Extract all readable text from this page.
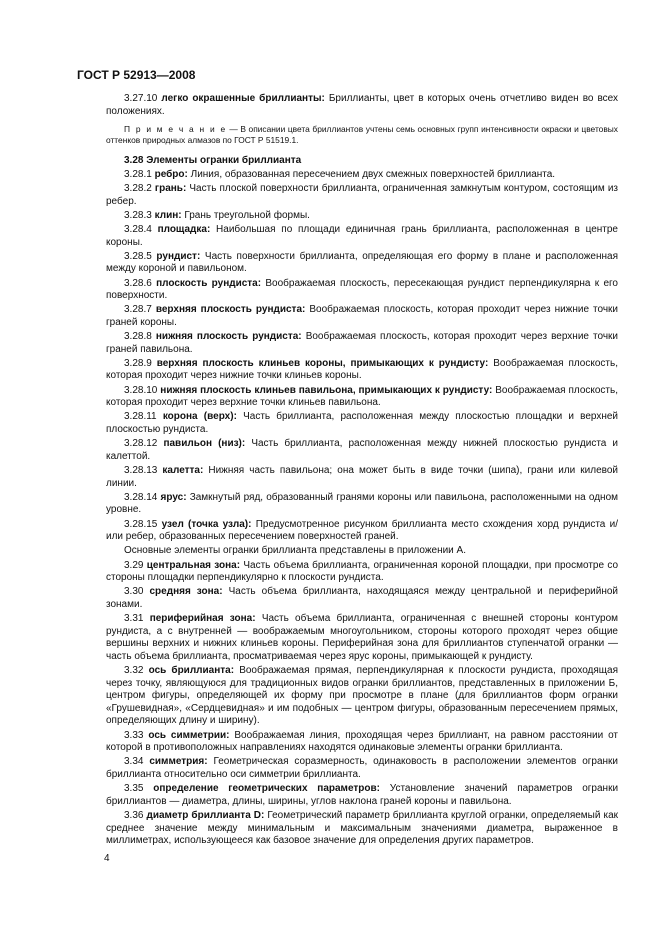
ГОСТ Р 52913—2008

3.27.10 легко окрашенные бриллианты: Бриллианты, цвет в которых очень отчетливо виден во всех положениях.

П р и м е ч а н и е — В описании цвета бриллиантов учтены семь основных групп интенсивности окраски и цветовых оттенков природных алмазов по ГОСТ Р 51519.1.

3.28 Элементы огранки бриллианта

3.28.1 ребро: Линия, образованная пересечением двух смежных поверхностей бриллианта.

3.28.2 грань: Часть плоской поверхности бриллианта, ограниченная замкнутым контуром, состоящим из ребер.

3.28.3 клин: Грань треугольной формы.

3.28.4 площадка: Наибольшая по площади единичная грань бриллианта, расположенная в центре короны.

3.28.5 рундист: Часть поверхности бриллианта, определяющая его форму в плане и расположенная между короной и павильоном.

3.28.6 плоскость рундиста: Воображаемая плоскость, пересекающая рундист перпендикулярна к его поверхности.

3.28.7 верхняя плоскость рундиста: Воображаемая плоскость, которая проходит через нижние точки граней короны.

3.28.8 нижняя плоскость рундиста: Воображаемая плоскость, которая проходит через верхние точки граней павильона.

3.28.9 верхняя плоскость клиньев короны, примыкающих к рундисту: Воображаемая плоскость, которая проходит через нижние точки клиньев короны.

3.28.10 нижняя плоскость клиньев павильона, примыкающих к рундисту: Воображаемая плоскость, которая проходит через верхние точки клиньев павильона.

3.28.11 корона (верх): Часть бриллианта, расположенная между плоскостью площадки и верхней плоскостью рундиста.

3.28.12 павильон (низ): Часть бриллианта, расположенная между нижней плоскостью рундиста и калеттой.

3.28.13 калетта: Нижняя часть павильона; она может быть в виде точки (шипа), грани или килевой линии.

3.28.14 ярус: Замкнутый ряд, образованный гранями короны или павильона, расположенными на одном уровне.

3.28.15 узел (точка узла): Предусмотренное рисунком бриллианта место схождения хорд рундиста и/или ребер, образованных пересечением поверхностей граней.

Основные элементы огранки бриллианта представлены в приложении А.

3.29 центральная зона: Часть объема бриллианта, ограниченная короной площадки, при просмотре со стороны площадки перпендикулярно к плоскости рундиста.

3.30 средняя зона: Часть объема бриллианта, находящаяся между центральной и периферийной зонами.

3.31 периферийная зона: Часть объема бриллианта, ограниченная с внешней стороны контуром рундиста, а с внутренней — воображаемым многоугольником, стороны которого проходят через общие вершины верхних и нижних клиньев короны. Периферийная зона для бриллиантов ступенчатой огранки — часть объема бриллианта, просматриваемая через ярус короны, примыкающей к рундисту.

3.32 ось бриллианта: Воображаемая прямая, перпендикулярная к плоскости рундиста, проходящая через точку, являющуюся для традиционных видов огранки бриллиантов, представленных в приложении Б, центром фигуры, определяющей их форму при просмотре в плане (для бриллиантов форм огранки «Грушевидная», «Сердцевидная» и им подобных — центром фигуры, образованным пересечением прямых, определяющих длину и ширину).

3.33 ось симметрии: Воображаемая линия, проходящая через бриллиант, на равном расстоянии от которой в противоположных направлениях находятся одинаковые элементы огранки бриллианта.

3.34 симметрия: Геометрическая соразмерность, одинаковость в расположении элементов огранки бриллианта относительно оси симметрии бриллианта.

3.35 определение геометрических параметров: Установление значений параметров огранки бриллиантов — диаметра, длины, ширины, углов наклона граней короны и павильона.

3.36 диаметр бриллианта D: Геометрический параметр бриллианта круглой огранки, определяемый как среднее значение между минимальным и максимальным значениями диаметра, выраженное в миллиметрах, использующееся как базовое значение для определения других параметров.

4
